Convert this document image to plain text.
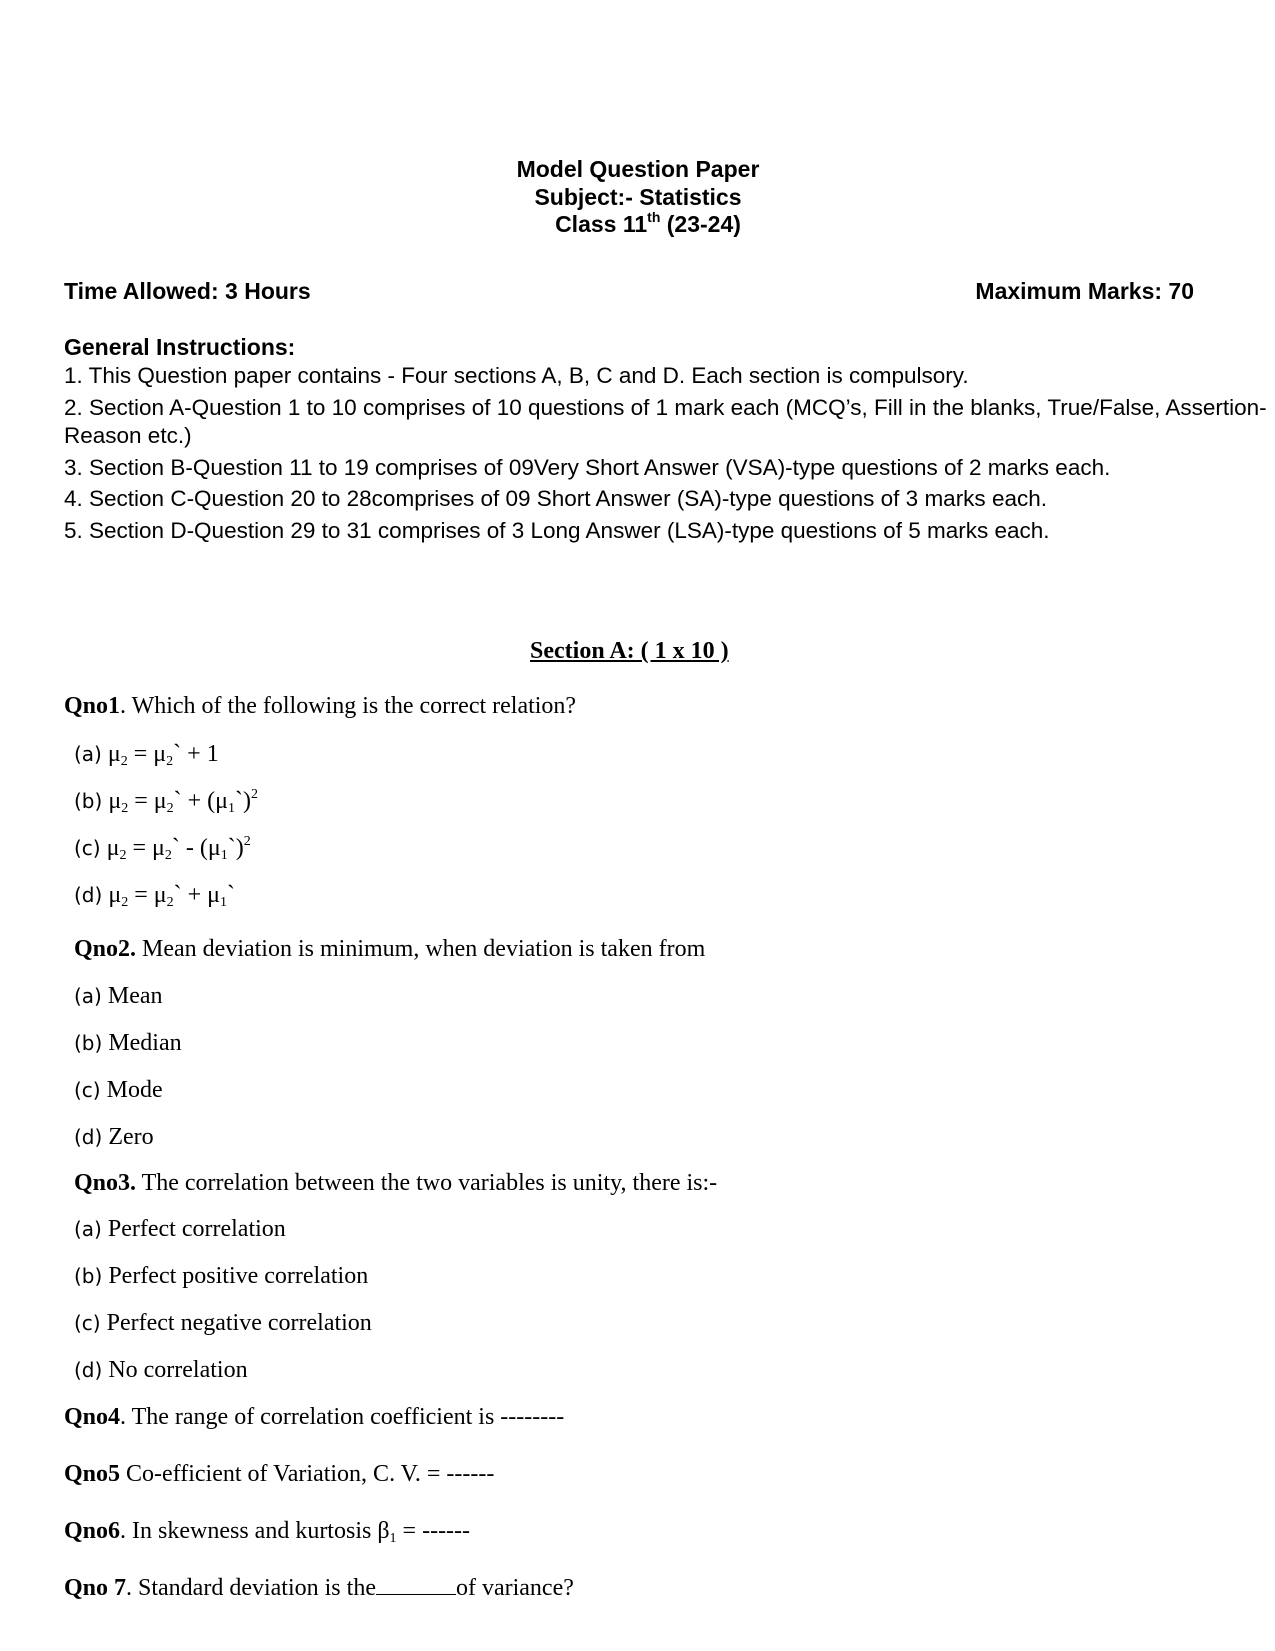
Model Question Paper
Subject:- Statistics
Class 11th (23-24)
Time Allowed: 3 Hours	Maximum Marks: 70
General Instructions:
1. This Question paper contains - Four sections A, B, C and D. Each section is compulsory.
2. Section A-Question 1 to 10 comprises of 10 questions of 1 mark each (MCQ’s, Fill in the blanks, True/False, Assertion-
Reason etc.)
3. Section B-Question 11 to 19 comprises of 09Very Short Answer (VSA)-type questions of 2 marks each.
4. Section C-Question 20 to 28comprises of 09 Short Answer (SA)-type questions of 3 marks each.
5. Section D-Question 29 to 31 comprises of 3 Long Answer (LSA)-type questions of 5 marks each.
Section A: ( 1 x 10 )
Qno1. Which of the following is the correct relation?
(a) $\mu_2$ = $\mu_2` + 1$
(b) $\mu_2$ = $\mu_2`$ + $(\mu_1`)^2$
(c) $\mu_2$ = $\mu_2`$ - $(\mu_1`)^2$
(d) $\mu_2$ = $\mu_2`$ + $\mu_1`$
Qno2. Mean deviation is minimum, when deviation is taken from
(a) Mean
(b) Median
(c) Mode
(d) Zero
Qno3. The correlation between the two variables is unity, there is:-
(a) Perfect correlation
(b) Perfect positive correlation
(c) Perfect negative correlation
(d) No correlation
Qno4. The range of correlation coefficient is --------
Qno5 Co-efficient of Variation, C. V. = ------
Qno6. In skewness and kurtosis $\beta_1$ = ------
Qno 7. Standard deviation is the	of variance?
